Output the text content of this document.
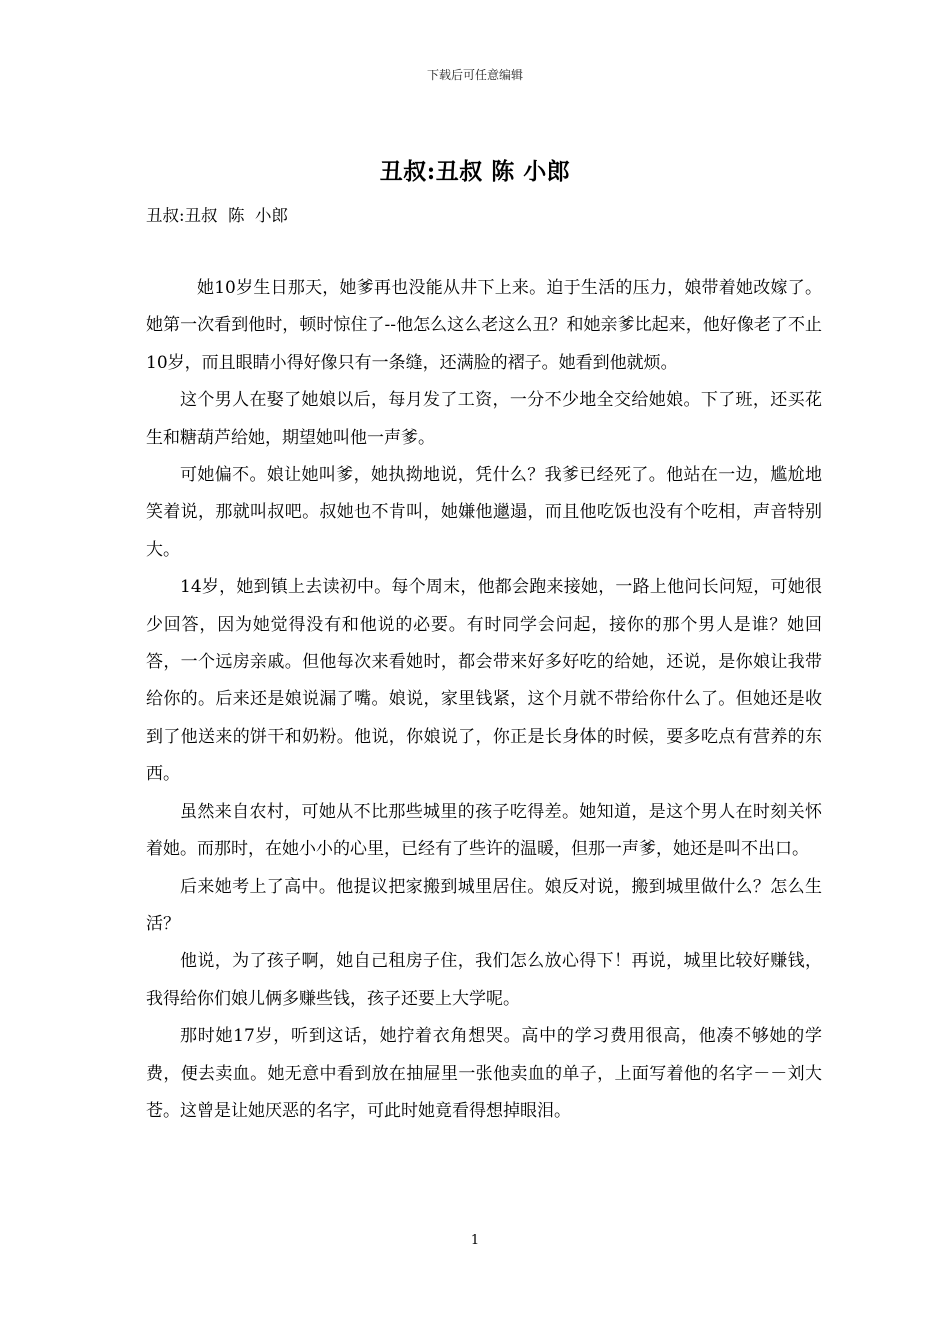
下载后可任意编辑
丑叔:丑叔 陈 小郎

丑叔:丑叔  陈  小郎

她10岁生日那天，她爹再也没能从井下上来。迫于生活的压力，娘带着她改嫁了。 她第一次看到他时，顿时惊住了--他怎么这么老这么丑？和她亲爹比起来，他好像老了不止10岁，而且眼睛小得好像只有一条缝，还满脸的褶子。她看到他就烦。

这个男人在娶了她娘以后，每月发了工资，一分不少地全交给她娘。下了班，还买花生和糖葫芦给她，期望她叫他一声爹。

可她偏不。娘让她叫爹，她执拗地说，凭什么？我爹已经死了。他站在一边，尴尬地笑着说，那就叫叔吧。叔她也不肯叫，她嫌他邋遢，而且他吃饭也没有个吃相，声音特别大。

14岁，她到镇上去读初中。每个周末，他都会跑来接她，一路上他问长问短，可她很少回答，因为她觉得没有和他说的必要。有时同学会问起，接你的那个男人是谁？她回答，一个远房亲戚。但他每次来看她时，都会带来好多好吃的给她，还说，是你娘让我带给你的。后来还是娘说漏了嘴。娘说，家里钱紧，这个月就不带给你什么了。但她还是收到了他送来的饼干和奶粉。他说，你娘说了，你正是长身体的时候，要多吃点有营养的东西。

虽然来自农村，可她从不比那些城里的孩子吃得差。她知道，是这个男人在时刻关怀着她。而那时，在她小小的心里，已经有了些许的温暖，但那一声爹，她还是叫不出口。

后来她考上了高中。他提议把家搬到城里居住。娘反对说，搬到城里做什么？怎么生活？

他说，为了孩子啊，她自己租房子住，我们怎么放心得下！再说，城里比较好赚钱，我得给你们娘儿俩多赚些钱，孩子还要上大学呢。

那时她17岁，听到这话，她拧着衣角想哭。高中的学习费用很高，他凑不够她的学费，便去卖血。她无意中看到放在抽屉里一张他卖血的单子，上面写着他的名字－－刘大苍。这曾是让她厌恶的名字，可此时她竟看得想掉眼泪。

1
